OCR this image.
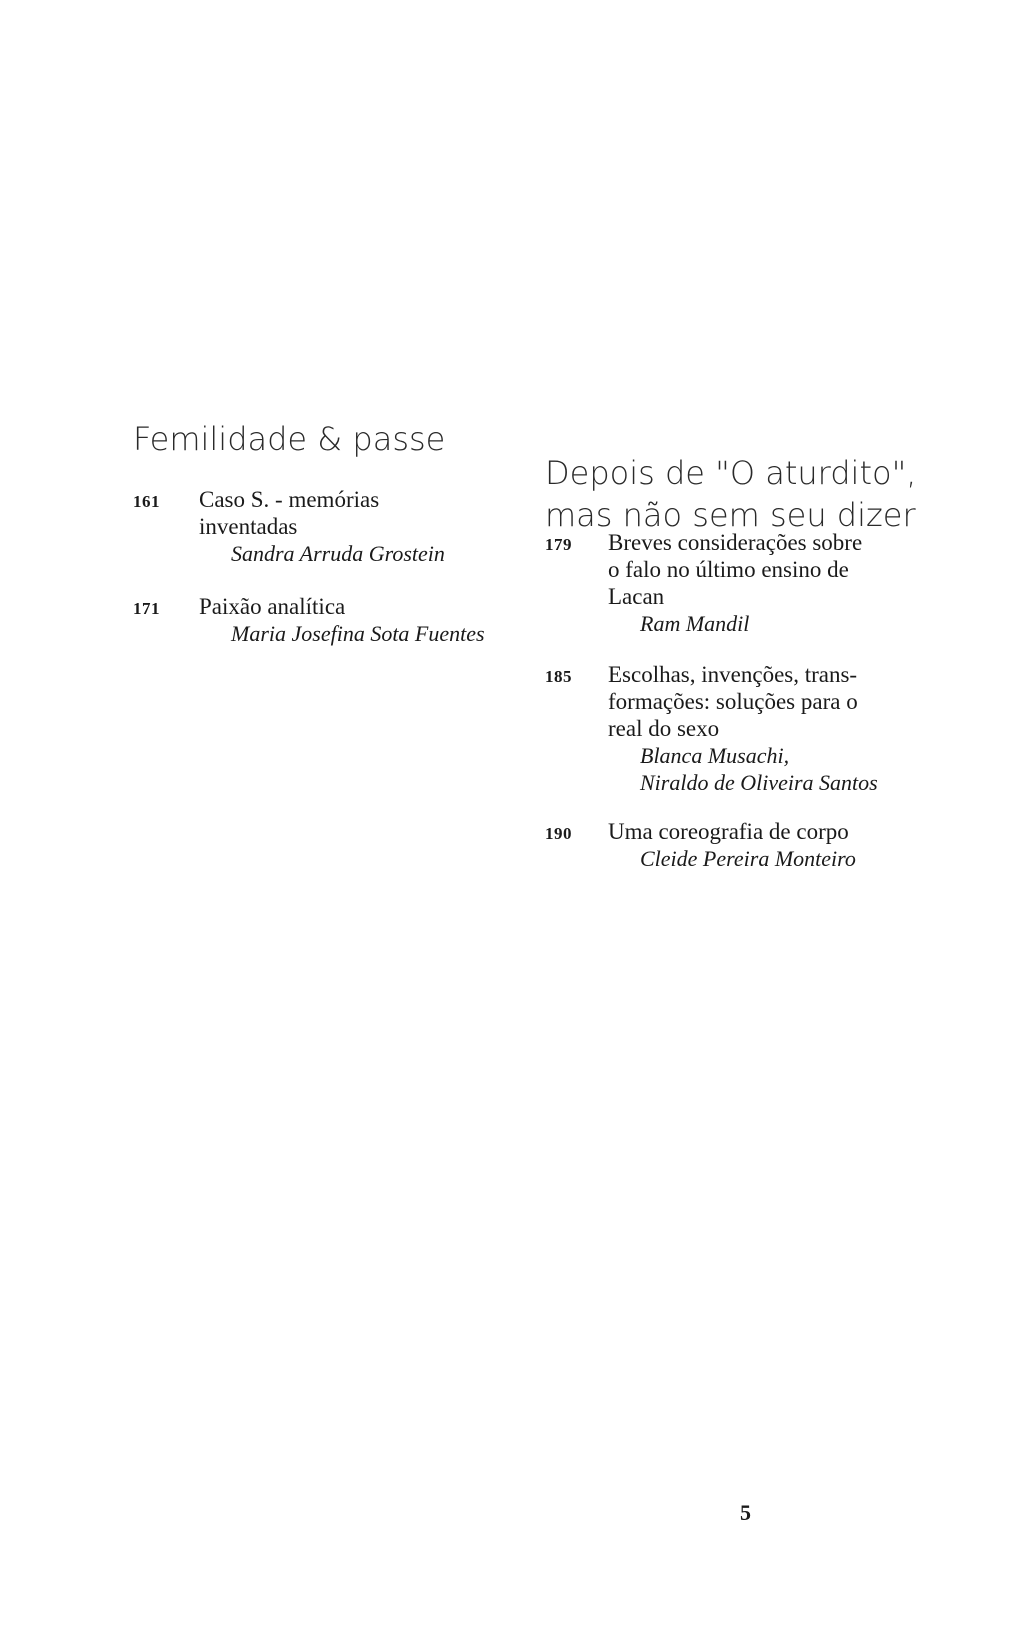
Femilidade & passe
161 Caso S. - memórias
inventadas
Sandra Arruda Grostein
171 Paixão analítica
Maria Josefina Sota Fuentes
Depois de "O aturdito",
mas não sem seu dizer
179 Breves considerações sobre
o falo no último ensino de
Lacan
Ram Mandil
185 Escolhas, invenções, trans-
formações: soluções para o
real do sexo
Blanca Musachi,
Niraldo de Oliveira Santos
190 Uma coreografia de corpo
Cleide Pereira Monteiro
5
